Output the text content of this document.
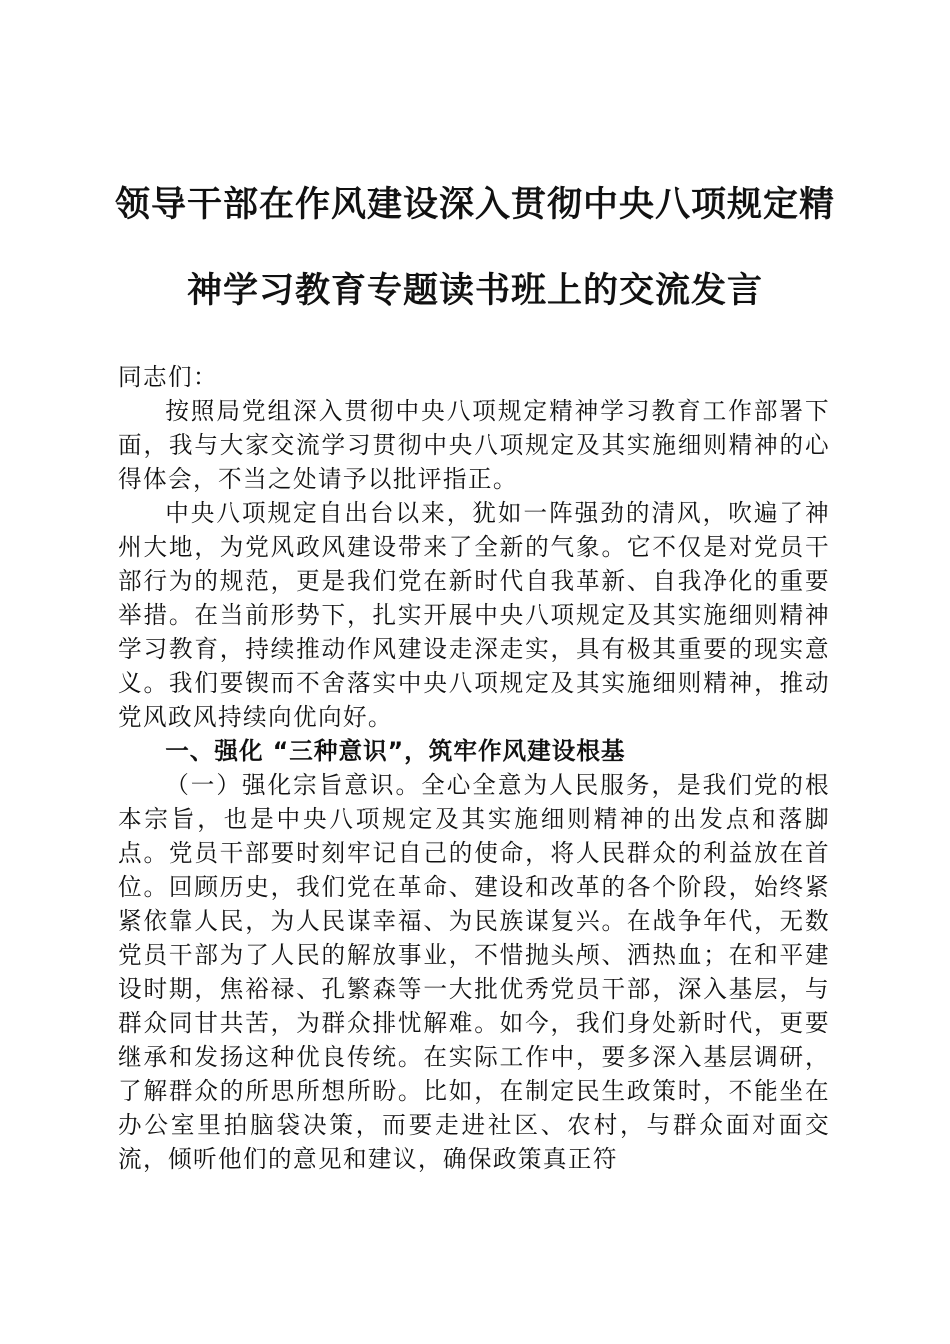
领导干部在作风建设深入贯彻中央八项规定精
神学习教育专题读书班上的交流发言

同志们：

按照局党组深入贯彻中央八项规定精神学习教育工作部署下面，我与大家交流学习贯彻中央八项规定及其实施细则精神的心得体会，不当之处请予以批评指正。

中央八项规定自出台以来，犹如一阵强劲的清风，吹遍了神州大地，为党风政风建设带来了全新的气象。它不仅是对党员干部行为的规范，更是我们党在新时代自我革新、自我净化的重要举措。在当前形势下，扎实开展中央八项规定及其实施细则精神学习教育，持续推动作风建设走深走实，具有极其重要的现实意义。我们要锲而不舍落实中央八项规定及其实施细则精神，推动党风政风持续向优向好。

一、强化 “三种意识”，筑牢作风建设根基

（一）强化宗旨意识。全心全意为人民服务，是我们党的根本宗旨，也是中央八项规定及其实施细则精神的出发点和落脚点。党员干部要时刻牢记自己的使命，将人民群众的利益放在首位。回顾历史，我们党在革命、建设和改革的各个阶段，始终紧紧依靠人民，为人民谋幸福、为民族谋复兴。在战争年代，无数党员干部为了人民的解放事业，不惜抛头颅、洒热血；在和平建设时期，焦裕禄、孔繁森等一大批优秀党员干部，深入基层，与群众同甘共苦，为群众排忧解难。如今，我们身处新时代，更要继承和发扬这种优良传统。在实际工作中，要多深入基层调研，了解群众的所思所想所盼。比如，在制定民生政策时，不能坐在办公室里拍脑袋决策，而要走进社区、农村，与群众面对面交流，倾听他们的意见和建议，确保政策真正符
